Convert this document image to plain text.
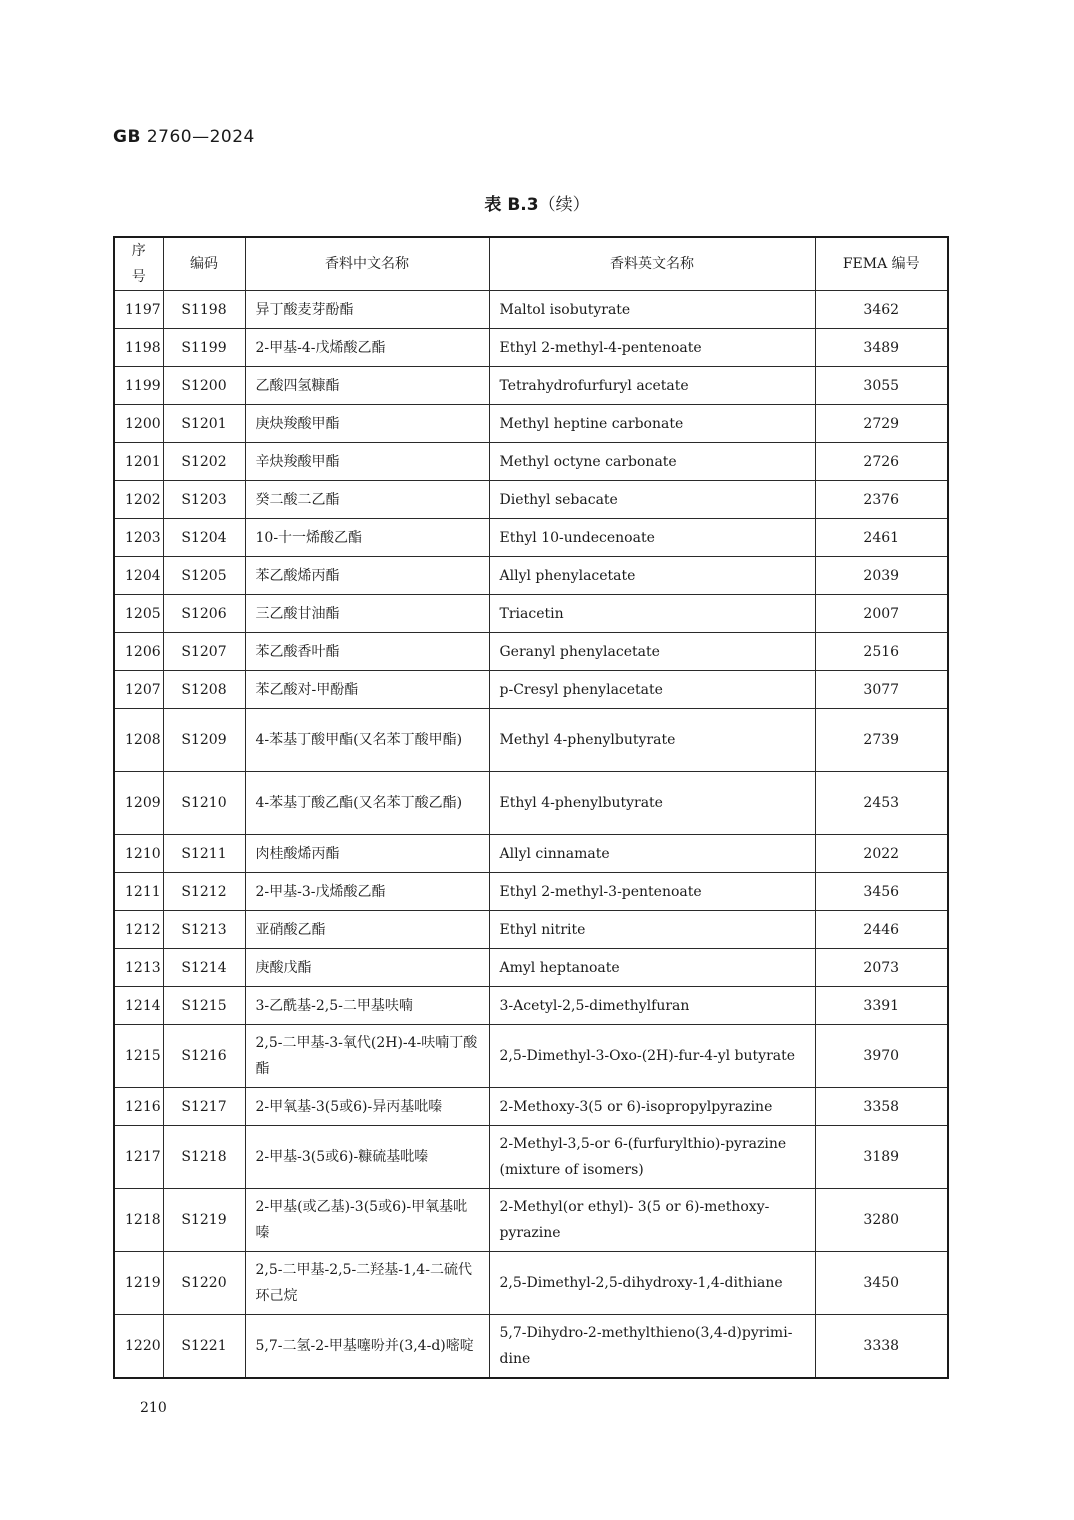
GB 2760—2024
表 B.3（续）
序号	编码	香料中文名称	香料英文名称	FEMA 编号
1197	S1198	异丁酸麦芽酚酯	Maltol isobutyrate	3462
1198	S1199	2-甲基-4-戊烯酸乙酯	Ethyl 2-methyl-4-pentenoate	3489
1199	S1200	乙酸四氢糠酯	Tetrahydrofurfuryl acetate	3055
1200	S1201	庚炔羧酸甲酯	Methyl heptine carbonate	2729
1201	S1202	辛炔羧酸甲酯	Methyl octyne carbonate	2726
1202	S1203	癸二酸二乙酯	Diethyl sebacate	2376
1203	S1204	10-十一烯酸乙酯	Ethyl 10-undecenoate	2461
1204	S1205	苯乙酸烯丙酯	Allyl phenylacetate	2039
1205	S1206	三乙酸甘油酯	Triacetin	2007
1206	S1207	苯乙酸香叶酯	Geranyl phenylacetate	2516
1207	S1208	苯乙酸对-甲酚酯	p-Cresyl phenylacetate	3077
1208	S1209	4-苯基丁酸甲酯(又名苯丁酸甲酯)	Methyl 4-phenylbutyrate	2739
1209	S1210	4-苯基丁酸乙酯(又名苯丁酸乙酯)	Ethyl 4-phenylbutyrate	2453
1210	S1211	肉桂酸烯丙酯	Allyl cinnamate	2022
1211	S1212	2-甲基-3-戊烯酸乙酯	Ethyl 2-methyl-3-pentenoate	3456
1212	S1213	亚硝酸乙酯	Ethyl nitrite	2446
1213	S1214	庚酸戊酯	Amyl heptanoate	2073
1214	S1215	3-乙酰基-2,5-二甲基呋喃	3-Acetyl-2,5-dimethylfuran	3391
1215	S1216	2,5-二甲基-3-氧代(2H)-4-呋喃丁酸酯	2,5-Dimethyl-3-Oxo-(2H)-fur-4-yl butyrate	3970
1216	S1217	2-甲氧基-3(5或6)-异丙基吡嗪	2-Methoxy-3(5 or 6)-isopropylpyrazine	3358
1217	S1218	2-甲基-3(5或6)-糠硫基吡嗪	2-Methyl-3,5-or 6-(furfurylthio)-pyrazine (mixture of isomers)	3189
1218	S1219	2-甲基(或乙基)-3(5或6)-甲氧基吡嗪	2-Methyl(or ethyl)- 3(5 or 6)-methoxy-pyrazine	3280
1219	S1220	2,5-二甲基-2,5-二羟基-1,4-二硫代环己烷	2,5-Dimethyl-2,5-dihydroxy-1,4-dithiane	3450
1220	S1221	5,7-二氢-2-甲基噻吩并(3,4-d)嘧啶	5,7-Dihydro-2-methylthieno(3,4-d)pyrimi-dine	3338
210
